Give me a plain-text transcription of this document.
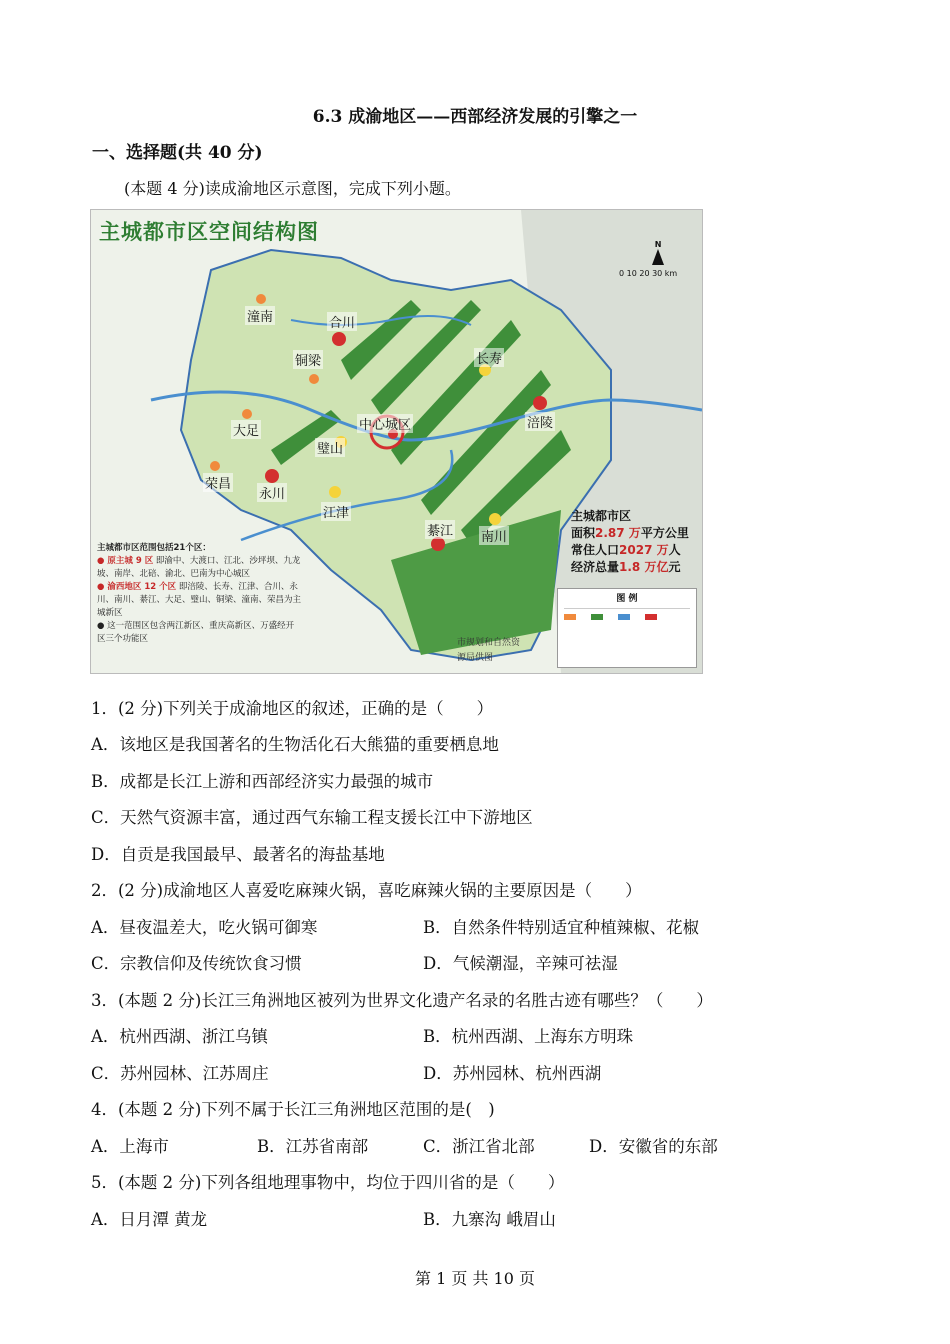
6.3 成渝地区——西部经济发展的引擎之一
一、选择题(共 40 分)
(本题 4 分)读成渝地区示意图，完成下列小题。
主城都市区空间结构图
N
0 10 20 30 km
潼南	合川
铜梁	长寿
大足	中心城区
璧山
涪陵
荣昌
永川
江津
綦江 南川
主城都市区
面积2.87 万平方公里
常住人口2027 万人
经济总量1.8 万亿元
主城都市区范围包括21个区：
● 原主城 9 区 即渝中、大渡口、江北、沙坪坝、九龙坡、南岸、北碚、渝北、巴南为中心城区
● 渝西地区 12 个区 即涪陵、长寿、江津、合川、永川、南川、綦江、大足、璧山、铜梁、潼南、荣昌为主城新区
● 这一范围区包含两江新区、重庆高新区、万盛经开区三个功能区	市规划和自然资
源局供图
图 例

1．(2 分)下列关于成渝地区的叙述，正确的是（　　）
A．该地区是我国著名的生物活化石大熊猫的重要栖息地
B．成都是长江上游和西部经济实力最强的城市
C．天然气资源丰富，通过西气东输工程支援长江中下游地区
D．自贡是我国最早、最著名的海盐基地
2．(2 分)成渝地区人喜爱吃麻辣火锅，喜吃麻辣火锅的主要原因是（　　）
A．昼夜温差大，吃火锅可御寒	B．自然条件特别适宜种植辣椒、花椒
C．宗教信仰及传统饮食习惯	D．气候潮湿，辛辣可祛湿
3．(本题 2 分)长江三角洲地区被列为世界文化遗产名录的名胜古迹有哪些？（　　）
A．杭州西湖、浙江乌镇	B．杭州西湖、上海东方明珠
C．苏州园林、江苏周庄	D．苏州园林、杭州西湖
4．(本题 2 分)下列不属于长江三角洲地区范围的是(　)
A．上海市	B．江苏省南部	C．浙江省北部	D．安徽省的东部
5．(本题 2 分)下列各组地理事物中，均位于四川省的是（　　）
A．日月潭 黄龙	B．九寨沟 峨眉山
第 1 页 共 10 页
